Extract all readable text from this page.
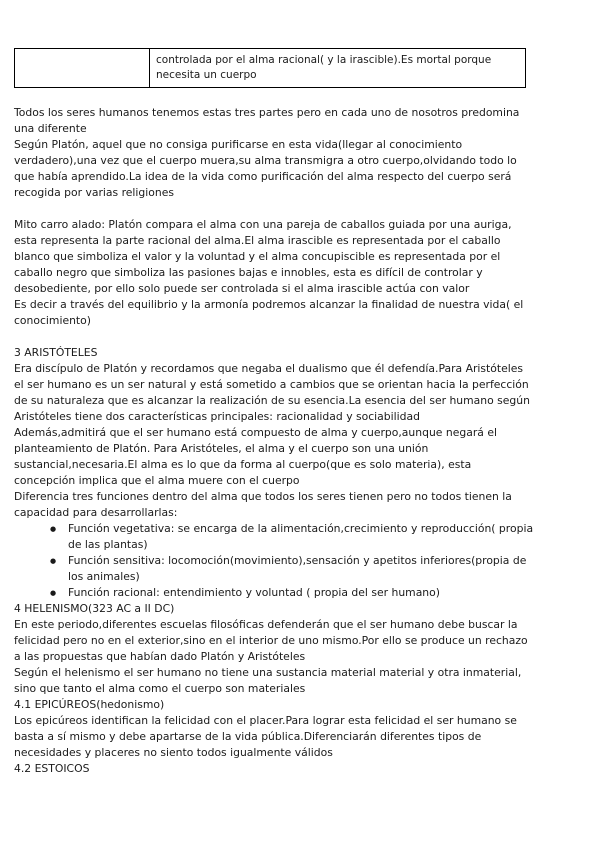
	controlada por el alma racional( y la irascible).Es mortal porque necesita un cuerpo

Todos los seres humanos tenemos estas tres partes pero en cada uno de nosotros predomina una diferente

Según Platón, aquel que no consiga purificarse en esta vida(llegar al conocimiento verdadero),una vez que el cuerpo muera,su alma transmigra a otro cuerpo,olvidando todo lo que había aprendido.La idea de la vida como purificación del alma respecto del cuerpo será recogida por varias religiones

Mito carro alado: Platón compara el alma con una pareja de caballos guiada por una auriga, esta representa la parte racional del alma.El alma irascible es representada por el caballo blanco que simboliza el valor y la voluntad y el alma concupiscible es representada por el caballo negro que simboliza las pasiones bajas e innobles, esta es difícil de controlar y desobediente, por ello solo puede ser controlada si el alma irascible actúa con valor

Es decir a través del equilibrio y la armonía podremos alcanzar la finalidad de nuestra vida( el conocimiento)

3 ARISTÓTELES

Era discípulo de Platón y recordamos que negaba el dualismo que él defendía.Para Aristóteles el ser humano es un ser natural y está sometido a cambios que se orientan hacia la perfección de su naturaleza que es alcanzar la realización de su esencia.La esencia del ser humano según Aristóteles tiene dos características principales: racionalidad y sociabilidad

Además,admitirá que el ser humano está compuesto de alma y cuerpo,aunque negará el planteamiento de Platón. Para Aristóteles, el alma y el cuerpo son una unión sustancial,necesaria.El alma es lo que da forma al cuerpo(que es solo materia), esta concepción implica que el alma muere con el cuerpo

Diferencia tres funciones dentro del alma que todos los seres tienen pero no todos tienen la capacidad para desarrollarlas:

● Función vegetativa: se encarga de la alimentación,crecimiento y reproducción( propia de las plantas)
● Función sensitiva: locomoción(movimiento),sensación y apetitos inferiores(propia de los animales)
● Función racional: entendimiento y voluntad ( propia del ser humano)

4 HELENISMO(323 AC a II DC)

En este periodo,diferentes escuelas filosóficas defenderán que el ser humano debe buscar la felicidad pero no en el exterior,sino en el interior de uno mismo.Por ello se produce un rechazo a las propuestas que habían dado Platón y Aristóteles

Según el helenismo el ser humano no tiene una sustancia material material y otra inmaterial, sino que tanto el alma como el cuerpo son materiales

4.1 EPICÚREOS(hedonismo)

Los epicúreos identifican la felicidad con el placer.Para lograr esta felicidad el ser humano se basta a sí mismo y debe apartarse de la vida pública.Diferenciarán diferentes tipos de necesidades y placeres no siento todos igualmente válidos

4.2 ESTOICOS
